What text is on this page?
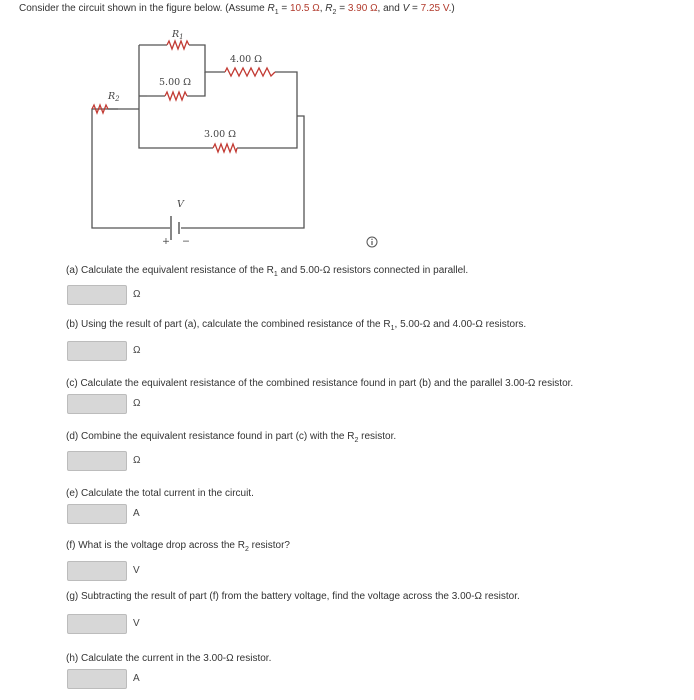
Consider the circuit shown in the figure below. (Assume $R_1 = 10.5$ Ω, $R_2 = 3.90$ Ω, and V = 7.25 V.)
$R_1$
4.00 Ω
5.00 Ω
$R_2$
3.00 Ω
V
+ −
(a) Calculate the equivalent resistance of the $R_1$ and 5.00-Ω resistors connected in parallel.
Ω
(b) Using the result of part (a), calculate the combined resistance of the $R_1$, 5.00-Ω and 4.00-Ω resistors.
Ω
(c) Calculate the equivalent resistance of the combined resistance found in part (b) and the parallel 3.00-Ω resistor.
Ω
(d) Combine the equivalent resistance found in part (c) with the $R_2$ resistor.
Ω
(e) Calculate the total current in the circuit.
A
(f) What is the voltage drop across the $R_2$ resistor?
V
(g) Subtracting the result of part (f) from the battery voltage, find the voltage across the 3.00-Ω resistor.
V
(h) Calculate the current in the 3.00-Ω resistor.
A
